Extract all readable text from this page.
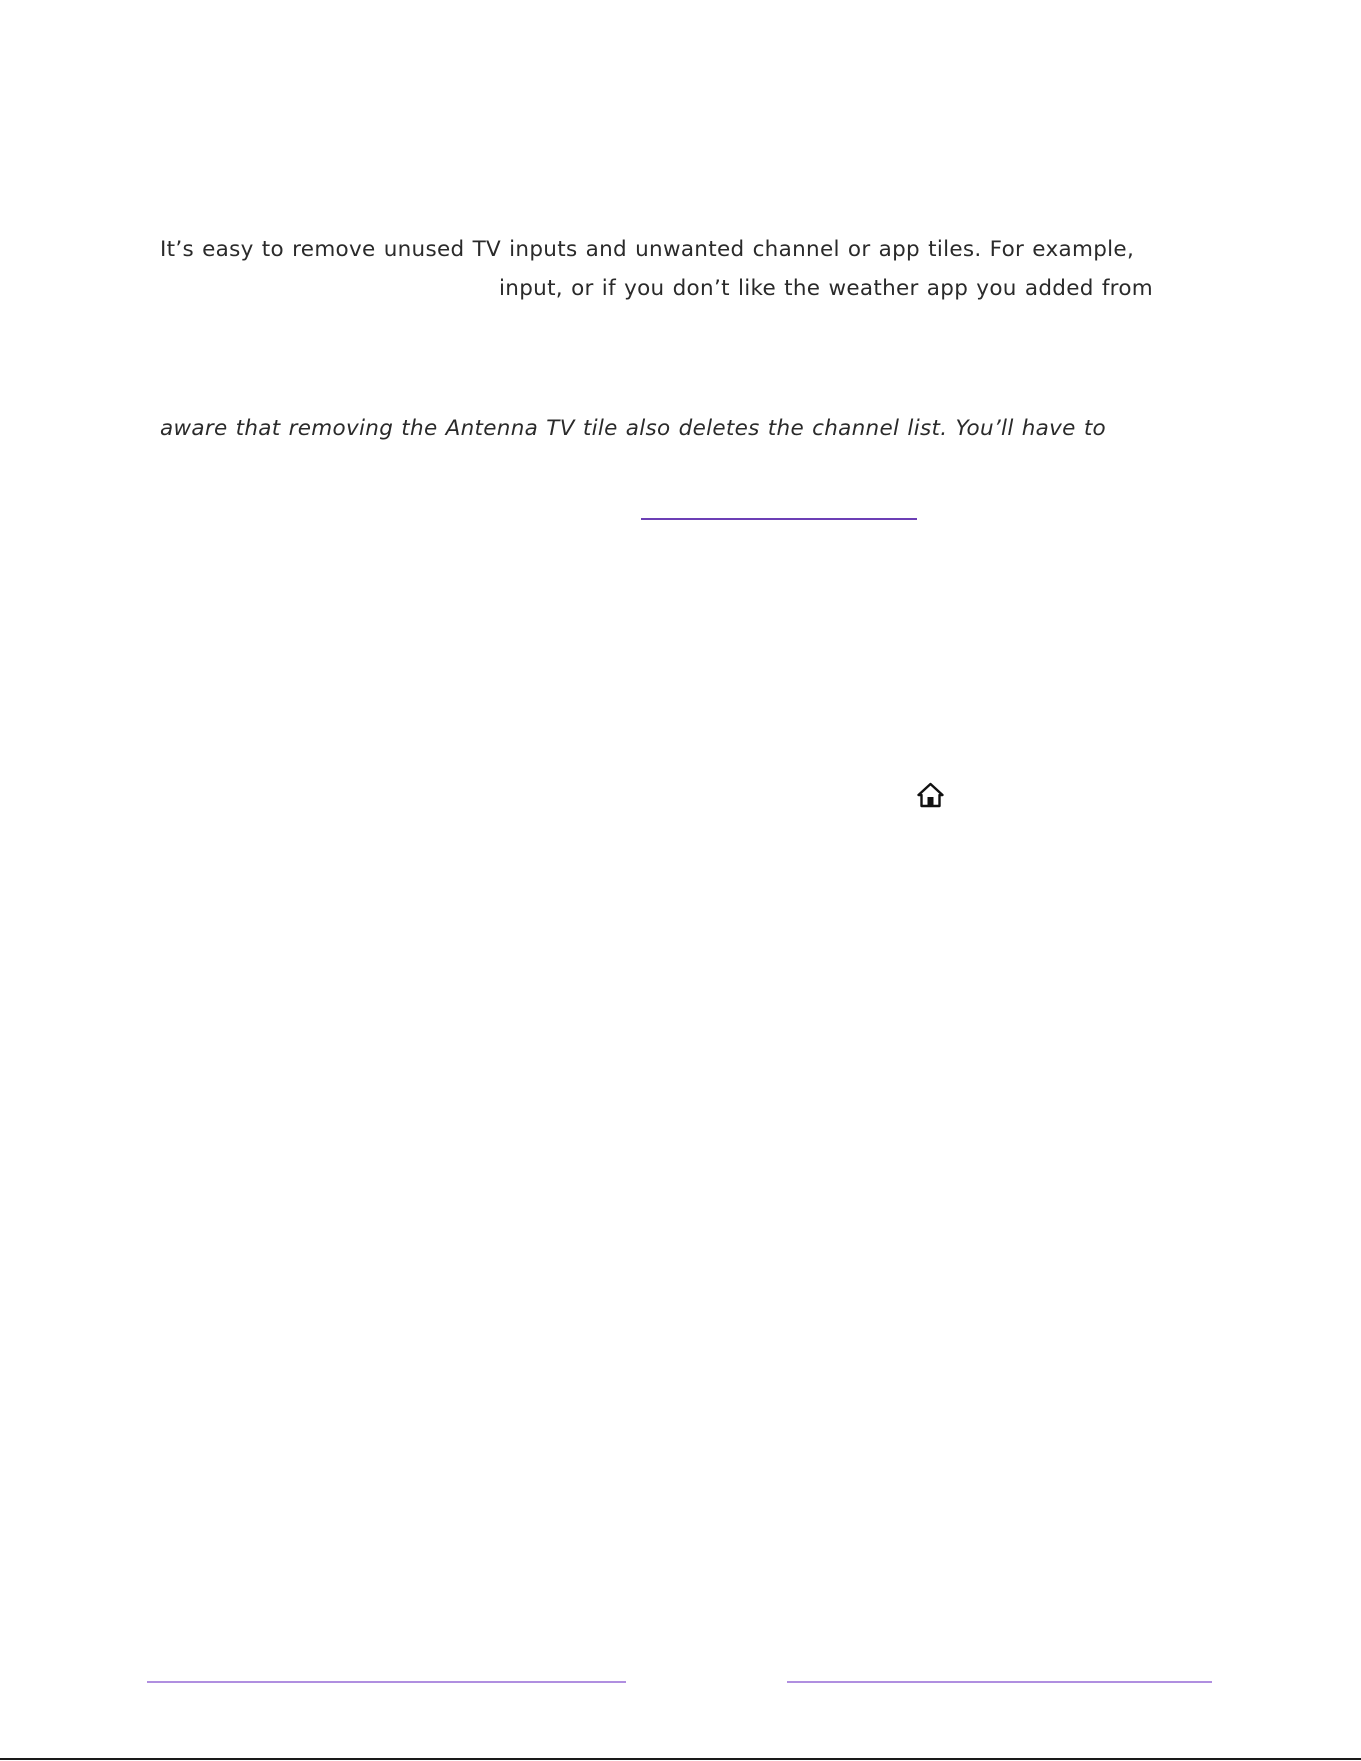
It’s easy to remove unused TV inputs and unwanted channel or app tiles. For example,
input, or if you don’t like the weather app you added from
aware that removing the Antenna TV tile also deletes the channel list. You’ll have to
